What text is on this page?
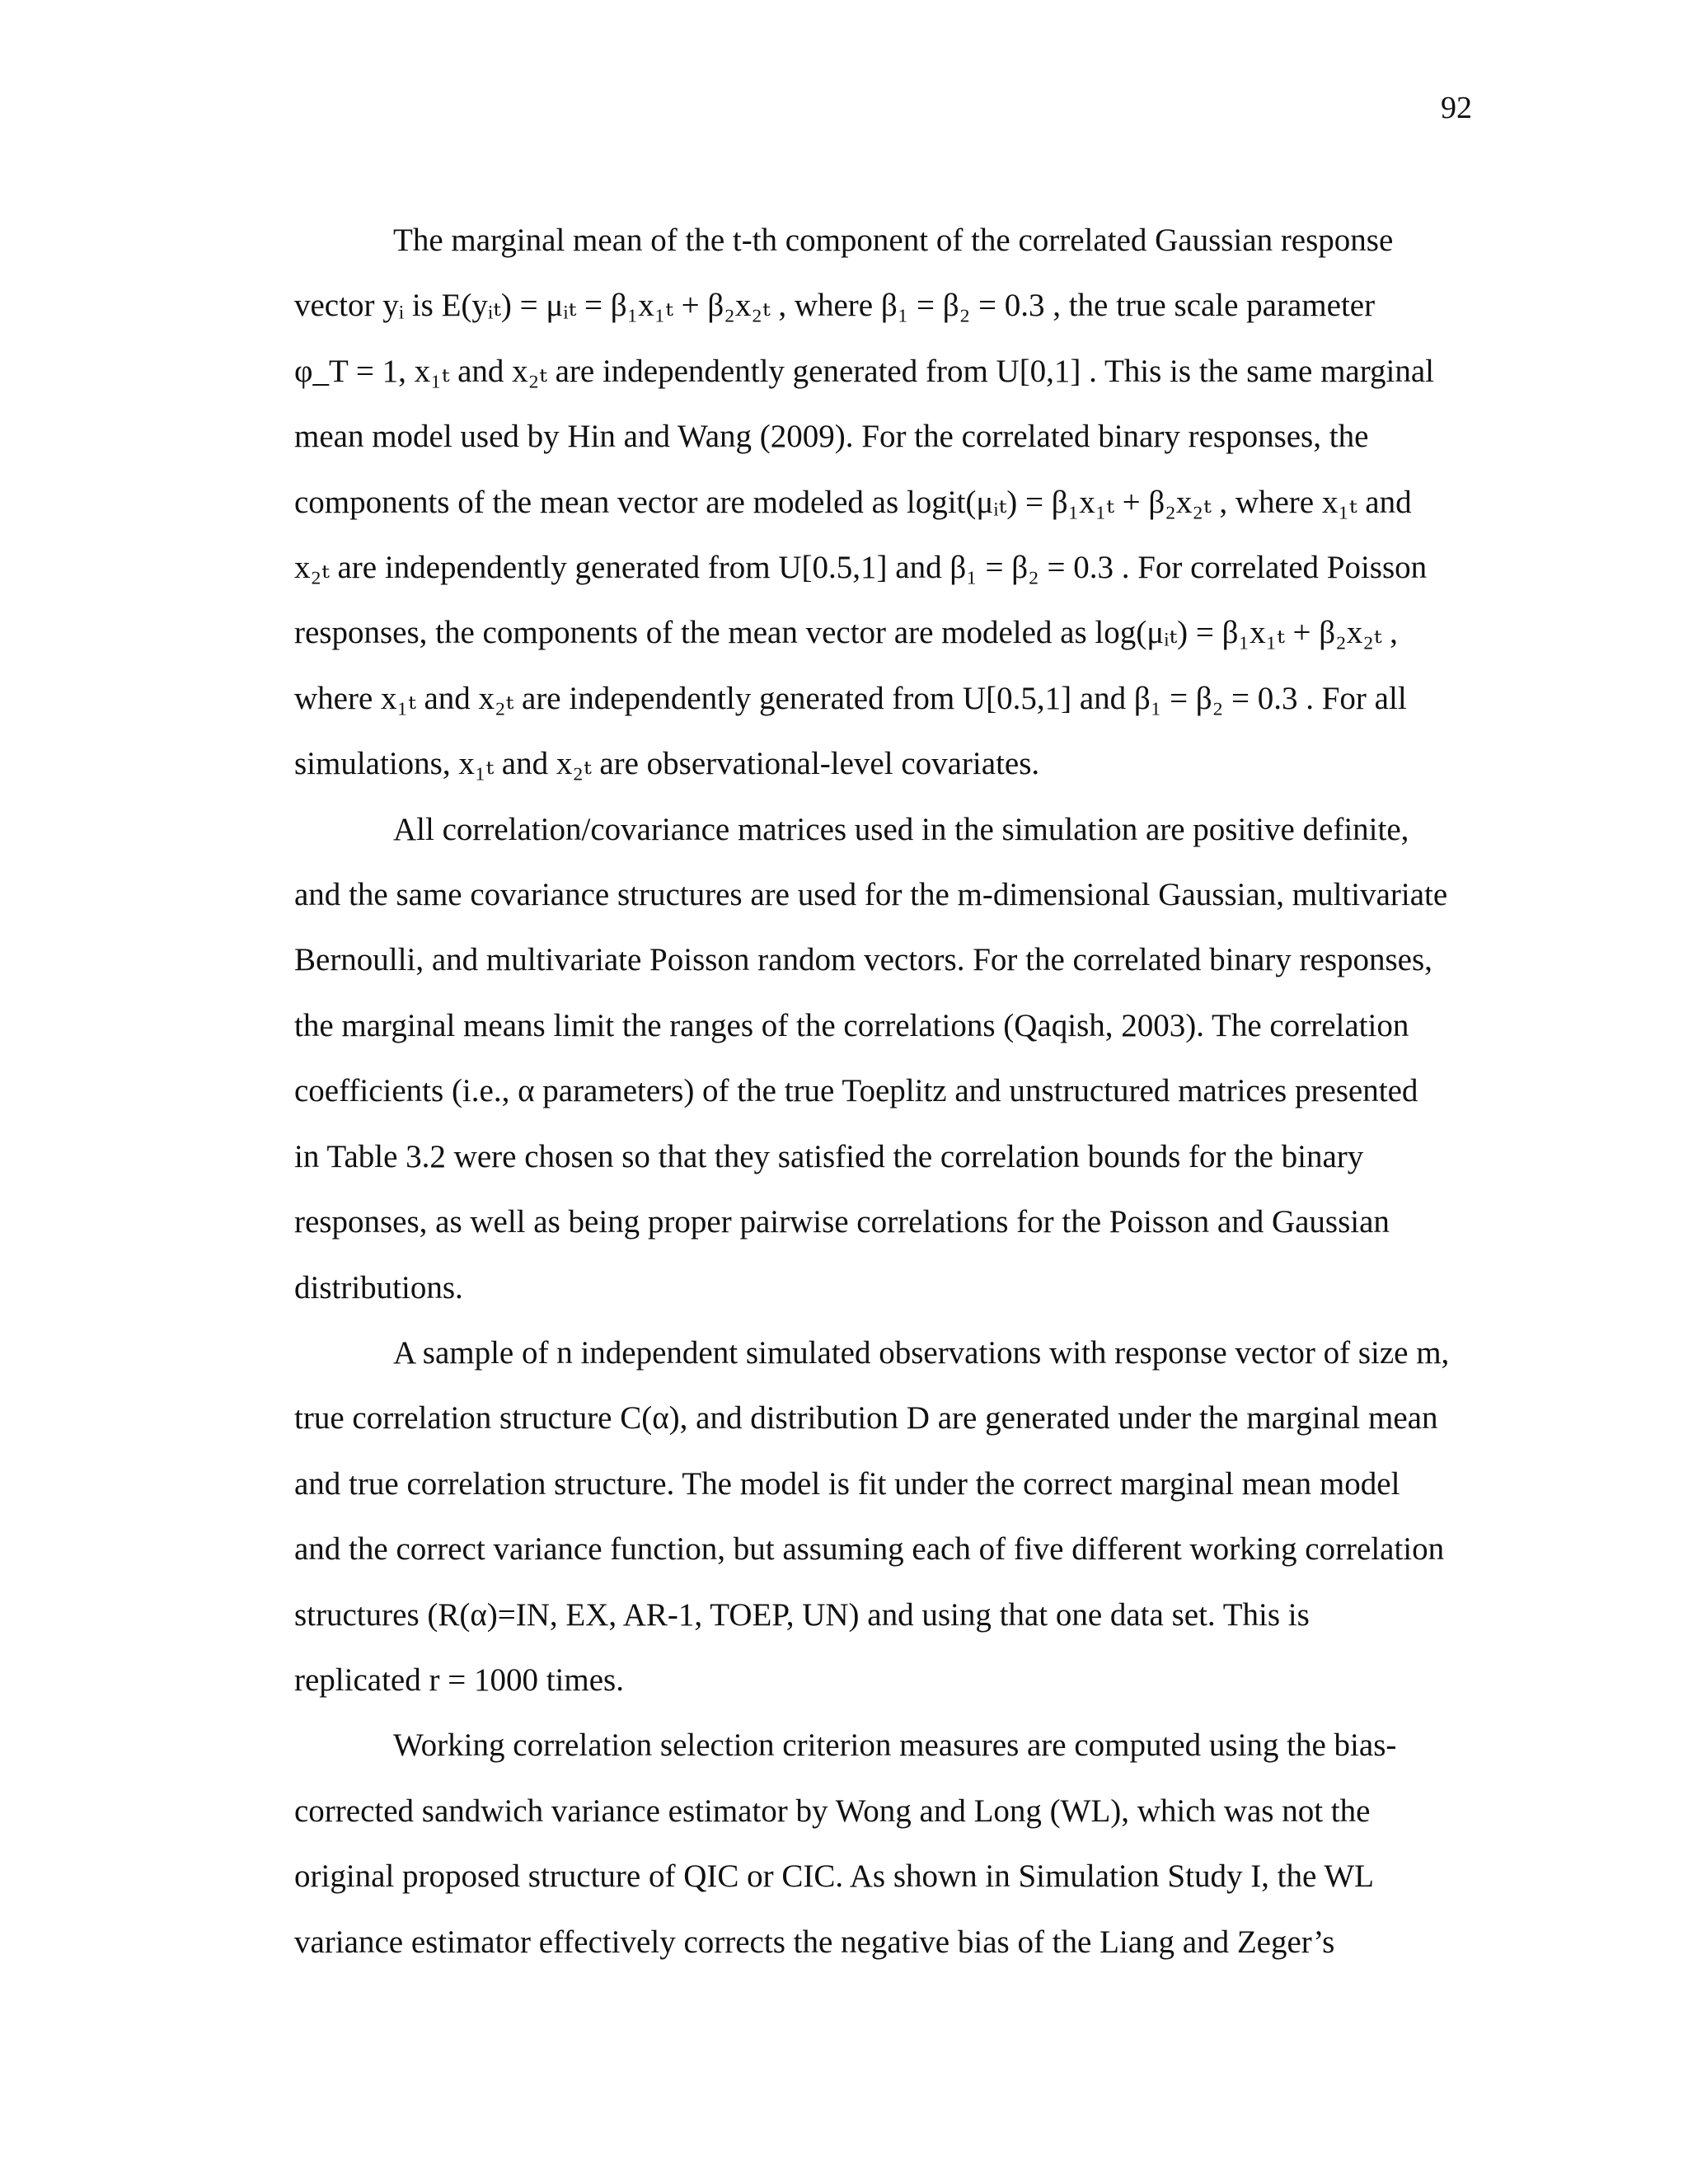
92

The marginal mean of the t-th component of the correlated Gaussian response
vector yᵢ is E(yᵢₜ) = μᵢₜ = β₁x₁ₜ + β₂x₂ₜ , where β₁ = β₂ = 0.3 , the true scale parameter
φ_T = 1, x₁ₜ and x₂ₜ are independently generated from U[0,1] . This is the same marginal
mean model used by Hin and Wang (2009). For the correlated binary responses, the
components of the mean vector are modeled as logit(μᵢₜ) = β₁x₁ₜ + β₂x₂ₜ , where x₁ₜ and
x₂ₜ are independently generated from U[0.5,1] and β₁ = β₂ = 0.3 . For correlated Poisson
responses, the components of the mean vector are modeled as log(μᵢₜ) = β₁x₁ₜ + β₂x₂ₜ ,
where x₁ₜ and x₂ₜ are independently generated from U[0.5,1] and β₁ = β₂ = 0.3 . For all
simulations, x₁ₜ and x₂ₜ are observational-level covariates.

All correlation/covariance matrices used in the simulation are positive definite,
and the same covariance structures are used for the m-dimensional Gaussian, multivariate
Bernoulli, and multivariate Poisson random vectors. For the correlated binary responses,
the marginal means limit the ranges of the correlations (Qaqish, 2003). The correlation
coefficients (i.e., α parameters) of the true Toeplitz and unstructured matrices presented
in Table 3.2 were chosen so that they satisfied the correlation bounds for the binary
responses, as well as being proper pairwise correlations for the Poisson and Gaussian
distributions.

A sample of n independent simulated observations with response vector of size m,
true correlation structure C(α), and distribution D are generated under the marginal mean
and true correlation structure. The model is fit under the correct marginal mean model
and the correct variance function, but assuming each of five different working correlation
structures (R(α)=IN, EX, AR-1, TOEP, UN) and using that one data set. This is
replicated r = 1000 times.

Working correlation selection criterion measures are computed using the bias-
corrected sandwich variance estimator by Wong and Long (WL), which was not the
original proposed structure of QIC or CIC. As shown in Simulation Study I, the WL
variance estimator effectively corrects the negative bias of the Liang and Zeger’s
